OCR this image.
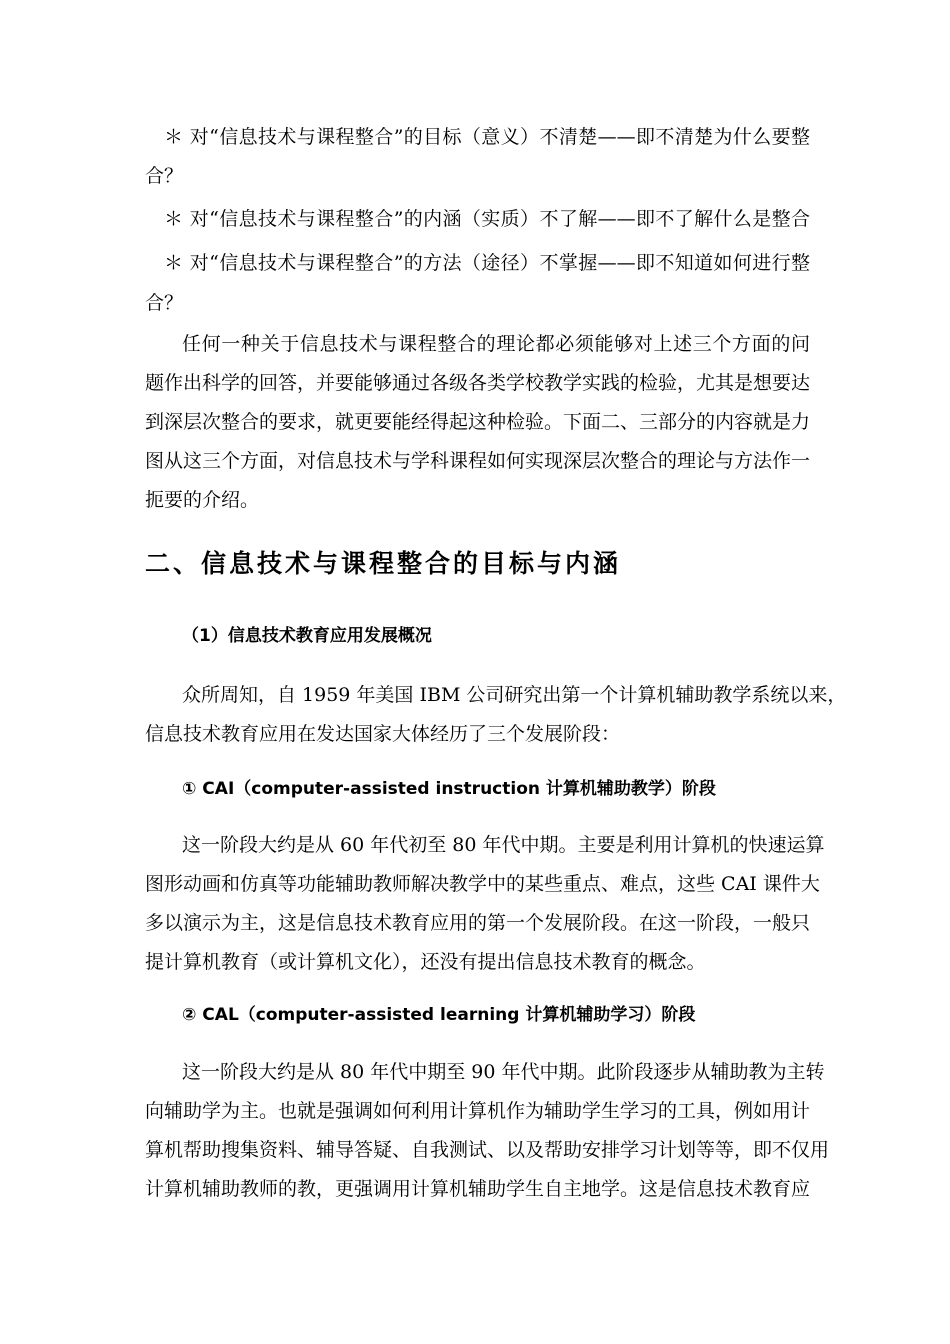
＊ 对“信息技术与课程整合”的目标（意义）不清楚——即不清楚为什么要整
合？
＊ 对“信息技术与课程整合”的内涵（实质）不了解——即不了解什么是整合
＊ 对“信息技术与课程整合”的方法（途径）不掌握——即不知道如何进行整
合？
任何一种关于信息技术与课程整合的理论都必须能够对上述三个方面的问
题作出科学的回答，并要能够通过各级各类学校教学实践的检验，尤其是想要达
到深层次整合的要求，就更要能经得起这种检验。下面二、三部分的内容就是力
图从这三个方面，对信息技术与学科课程如何实现深层次整合的理论与方法作一
扼要的介绍。
二、信息技术与课程整合的目标与内涵
（1）信息技术教育应用发展概况
众所周知，自 1959 年美国 IBM 公司研究出第一个计算机辅助教学系统以来，
信息技术教育应用在发达国家大体经历了三个发展阶段：
① CAI（computer-assisted instruction 计算机辅助教学）阶段
这一阶段大约是从 60 年代初至 80 年代中期。主要是利用计算机的快速运算
图形动画和仿真等功能辅助教师解决教学中的某些重点、难点，这些 CAI 课件大
多以演示为主，这是信息技术教育应用的第一个发展阶段。在这一阶段，一般只
提计算机教育（或计算机文化），还没有提出信息技术教育的概念。
② CAL（computer-assisted learning 计算机辅助学习）阶段
这一阶段大约是从 80 年代中期至 90 年代中期。此阶段逐步从辅助教为主转
向辅助学为主。也就是强调如何利用计算机作为辅助学生学习的工具，例如用计
算机帮助搜集资料、辅导答疑、自我测试、以及帮助安排学习计划等等，即不仅用
计算机辅助教师的教，更强调用计算机辅助学生自主地学。这是信息技术教育应
